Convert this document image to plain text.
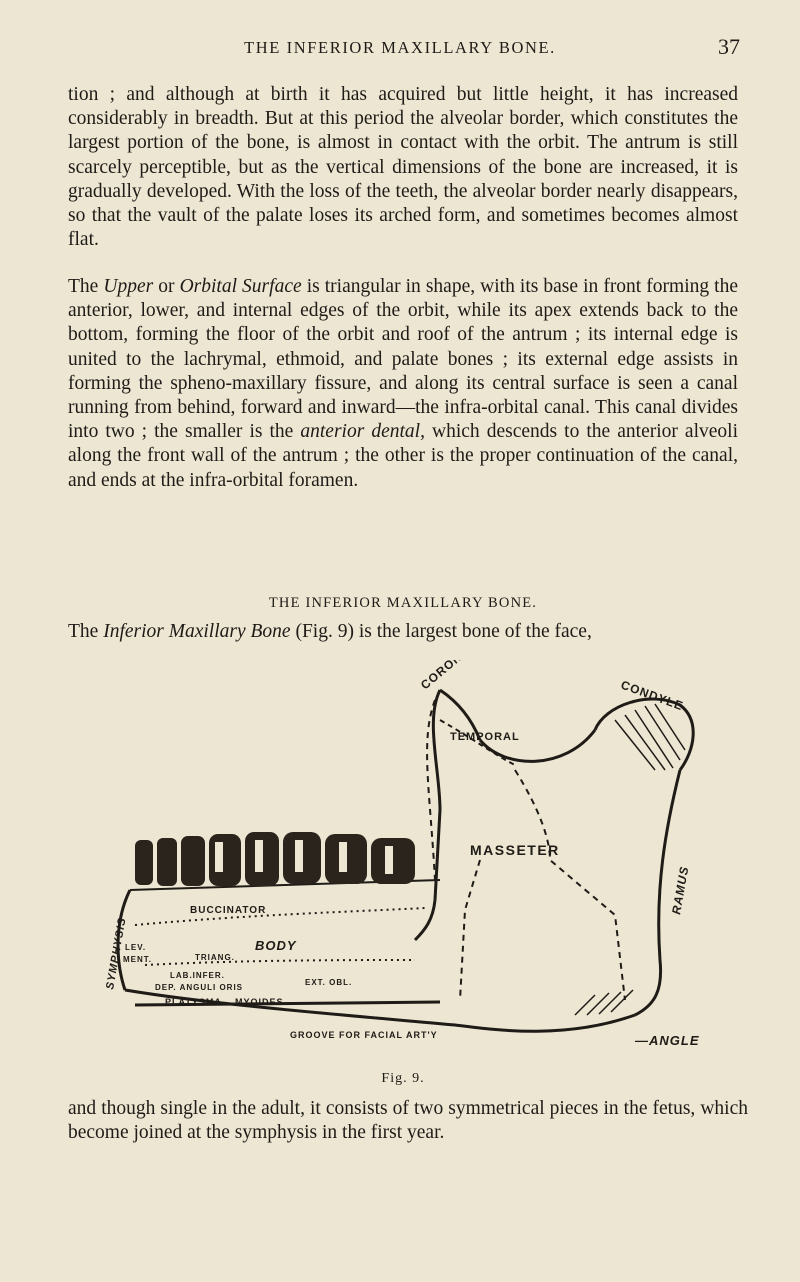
THE INFERIOR MAXILLARY BONE.	37

tion ; and although at birth it has acquired but little height, it has increased considerably in breadth. But at this period the alveolar border, which constitutes the largest portion of the bone, is almost in contact with the orbit. The antrum is still scarcely perceptible, but as the vertical dimensions of the bone are increased, it is gradually developed. With the loss of the teeth, the alveolar border nearly disappears, so that the vault of the palate loses its arched form, and sometimes becomes almost flat.

The Upper or Orbital Surface is triangular in shape, with its base in front forming the anterior, lower, and internal edges of the orbit, while its apex extends back to the bottom, forming the floor of the orbit and roof of the antrum ; its internal edge is united to the lachrymal, ethmoid, and palate bones ; its external edge assists in forming the spheno-maxillary fissure, and along its central surface is seen a canal running from behind, forward and inward—the infra-orbital canal. This canal divides into two ; the smaller is the anterior dental, which descends to the anterior alveoli along the front wall of the antrum ; the other is the proper continuation of the canal, and ends at the infra-orbital foramen.

THE INFERIOR MAXILLARY BONE.

The Inferior Maxillary Bone (Fig. 9) is the largest bone of the face,

CORONOID
CONDYLE
TEMPORAL
MASSETER
RAMUS
—ANGLE
SYMPHYSIS
BUCCINATOR
BODY
LEV.
MENT.
LAB.INFER.
DEP. ANGULI ORIS
PLATYSMA MYOIDES
EXT. OBL.
TRIANG.
GROOVE FOR FACIAL ART'Y
Fig. 9.

and though single in the adult, it consists of two symmetrical pieces in the fetus, which become joined at the symphysis in the first year.
